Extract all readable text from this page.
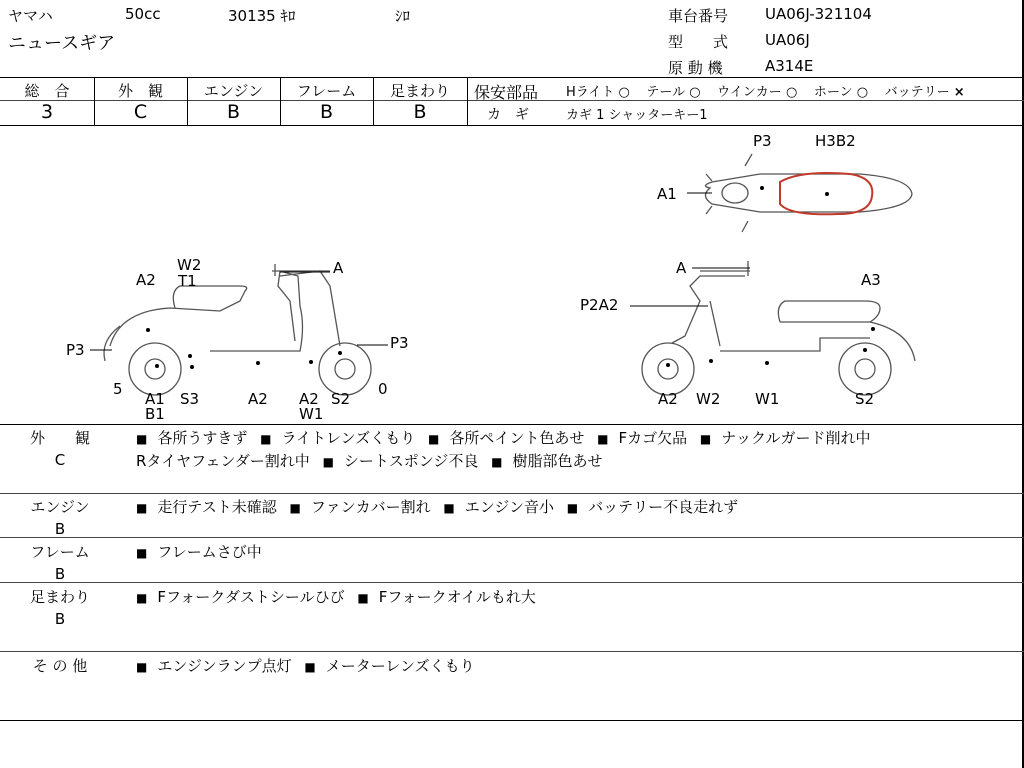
ヤマハ	50cc	30135 ｷﾛ	ｼﾛ
ニュースギア
車台番号 UA06J-321104
型　　式 UA06J
原 動 機	A314E
総　合	外　観	エンジン	フレーム	足まわり
3	C	B	B	B
保安部品 Hライト ○ テール ○ ウインカー ○ ホーン ○ バッテリー ×
カ　ギ	カギ 1 シャッターキー1
P3	H3B2
A1
W2
T1
A2
A
P3	P3
5
A1
B1
S3	A2 A2
W1
S2
0
A
A3
P2A2
A2 W2 W1	S2
外　　観
C
■ 各所うすきず ■ ライトレンズくもり ■ 各所ペイント色あせ ■ Fカゴ欠品 ■ ナックルガード削れ中 Rタイヤフェンダー割れ中 ■ シートスポンジ不良 ■ 樹脂部色あせ
エンジン
B
■ 走行テスト未確認 ■ ファンカバー割れ ■ エンジン音小 ■ バッテリー不良走れず
フレーム
B
■ フレームさび中
足まわり
B
■ Fフォークダストシールひび ■ Fフォークオイルもれ大
そ の 他	■ エンジンランプ点灯 ■ メーターレンズくもり
